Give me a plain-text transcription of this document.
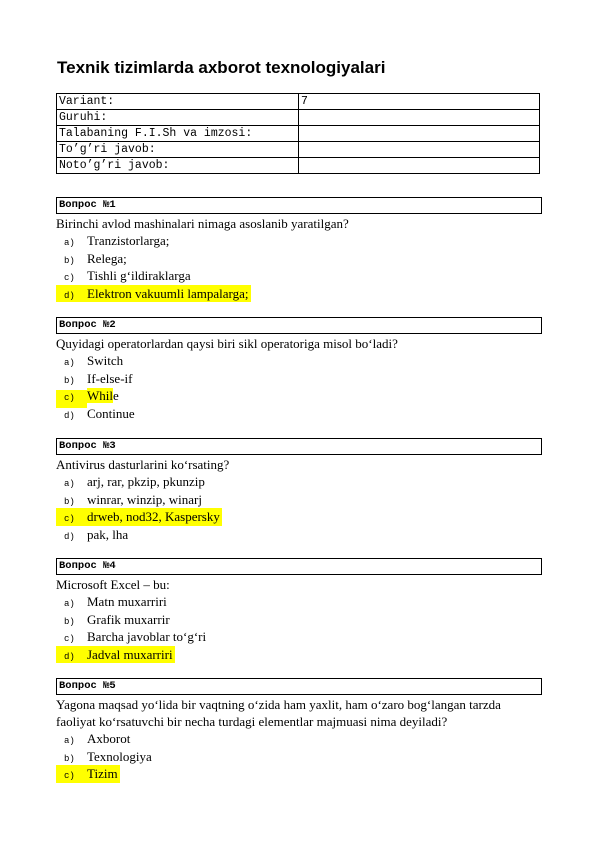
Texnik tizimlarda axborot texnologiyalari
Variant:	7
Guruhi:	
Talabaning F.I.Sh va imzosi:	
To’g’ri javob:	
Noto’g’ri javob:	
Вопрос №1
Birinchi avlod mashinalari nimaga asoslanib yaratilgan?
a) Tranzistorlarga;
b) Relega;
c) Tishli g‘ildiraklarga
d) Elektron vakuumli lampalarga;
Вопрос №2
Quyidagi operatorlardan qaysi biri sikl operatoriga misol bo‘ladi?
a) Switch
b) If-else-if
c) While
d) Continue
Вопрос №3
Antivirus dasturlarini ko‘rsating?
a) arj, rar, pkzip, pkunzip
b) winrar, winzip, winarj
c) drweb, nod32, Kaspersky
d) pak, lha
Вопрос №4
Microsoft Excel – bu:
a) Matn muxarriri
b) Grafik muxarrir
c) Barcha javoblar to‘g‘ri
d) Jadval muxarriri
Вопрос №5
Yagona maqsad yo‘lida bir vaqtning o‘zida ham yaxlit, ham o‘zaro bog‘langan tarzda faoliyat ko‘rsatuvchi bir necha turdagi elementlar majmuasi nima deyiladi?
a) Axborot
b) Texnologiya
c) Tizim
